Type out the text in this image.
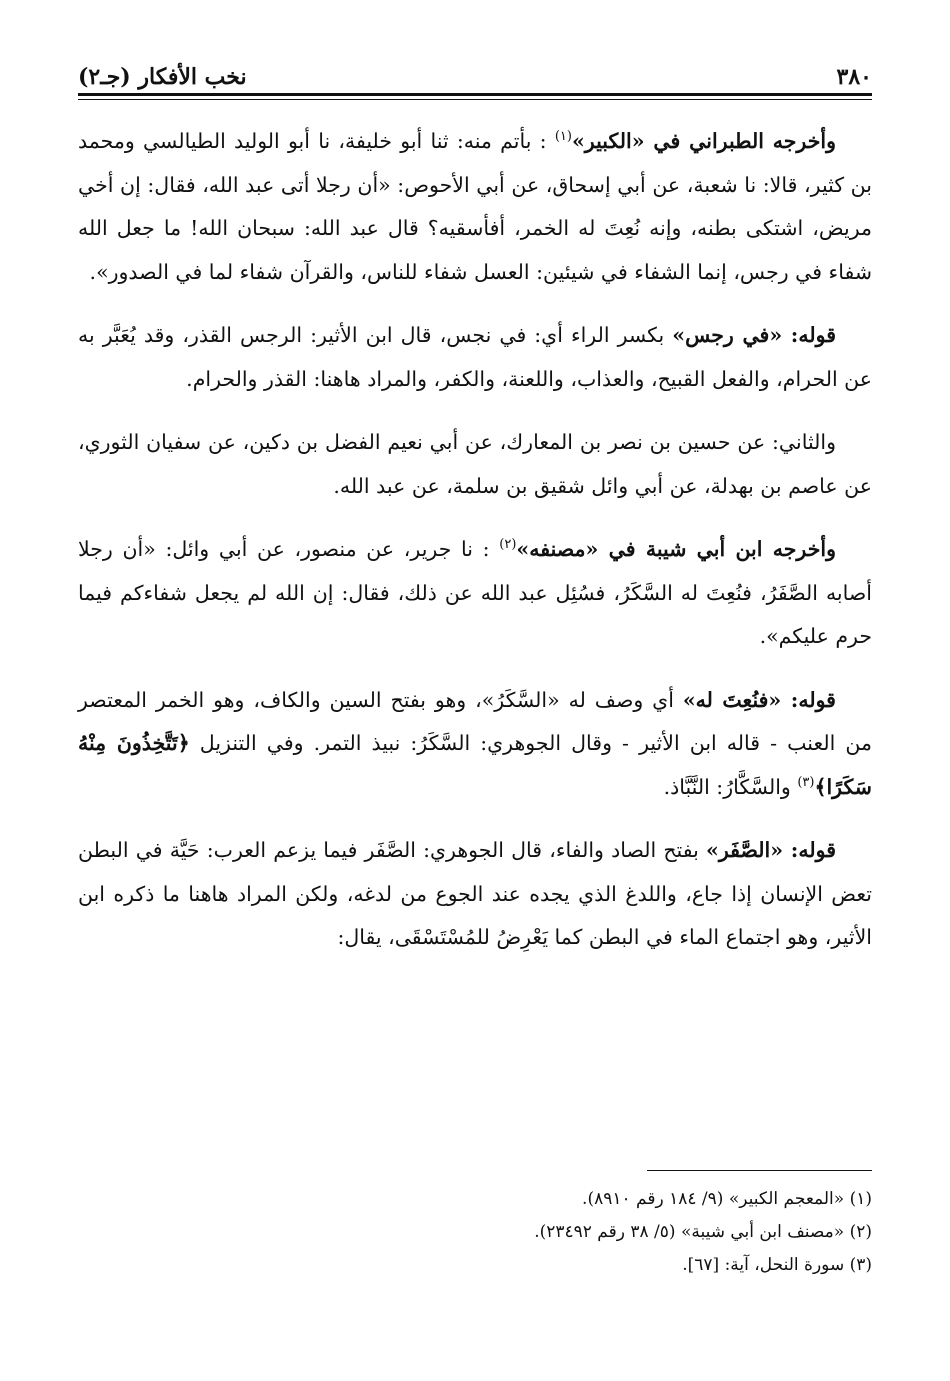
٣٨٠
نخب الأفكار (جـ٢)

وأخرجه الطبراني في «الكبير»$^{(١)}$ : بأتم منه: ثنا أبو خليفة، نا أبو الوليد الطيالسي ومحمد بن كثير، قالا: نا شعبة، عن أبي إسحاق، عن أبي الأحوص: «أن رجلا أتى عبد الله، فقال: إن أخي مريض، اشتكى بطنه، وإنه نُعِتَ له الخمر، أفأسقيه؟ قال عبد الله: سبحان الله! ما جعل الله شفاء في رجس، إنما الشفاء في شيئين: العسل شفاء للناس، والقرآن شفاء لما في الصدور».

قوله: «في رجس» بكسر الراء أي: في نجس، قال ابن الأثير: الرجس القذر، وقد يُعَبَّر به عن الحرام، والفعل القبيح، والعذاب، واللعنة، والكفر، والمراد هاهنا: القذر والحرام.

والثاني: عن حسين بن نصر بن المعارك، عن أبي نعيم الفضل بن دكين، عن سفيان الثوري، عن عاصم بن بهدلة، عن أبي وائل شقيق بن سلمة، عن عبد الله.

وأخرجه ابن أبي شيبة في «مصنفه»$^{(٢)}$ : نا جرير، عن منصور، عن أبي وائل: «أن رجلا أصابه الصَّفَرُ، فنُعِتَ له السَّكَرُ، فسُئِل عبد الله عن ذلك، فقال: إن الله لم يجعل شفاءكم فيما حرم عليكم».

قوله: «فنُعِتَ له» أي وصف له «السَّكَرُ»، وهو بفتح السين والكاف، وهو الخمر المعتصر من العنب - قاله ابن الأثير - وقال الجوهري: السَّكَرُ: نبيذ التمر. وفي التنزيل ﴿تَتَّخِذُونَ مِنْهُ سَكَرًا﴾$^{(٣)}$ والسَّكَّارُ: النَّبَّاذ.

قوله: «الصَّفَر» بفتح الصاد والفاء، قال الجوهري: الصَّفَر فيما يزعم العرب: حَيَّة في البطن تعض الإنسان إذا جاع، واللدغ الذي يجده عند الجوع من لدغه، ولكن المراد هاهنا ما ذكره ابن الأثير، وهو اجتماع الماء في البطن كما يَعْرِضُ للمُسْتَسْقَى، يقال:

(١) «المعجم الكبير» (٩/ ١٨٤ رقم ٨٩١٠).
(٢) «مصنف ابن أبي شيبة» (٥/ ٣٨ رقم ٢٣٤٩٢).
(٣) سورة النحل، آية: [٦٧].
